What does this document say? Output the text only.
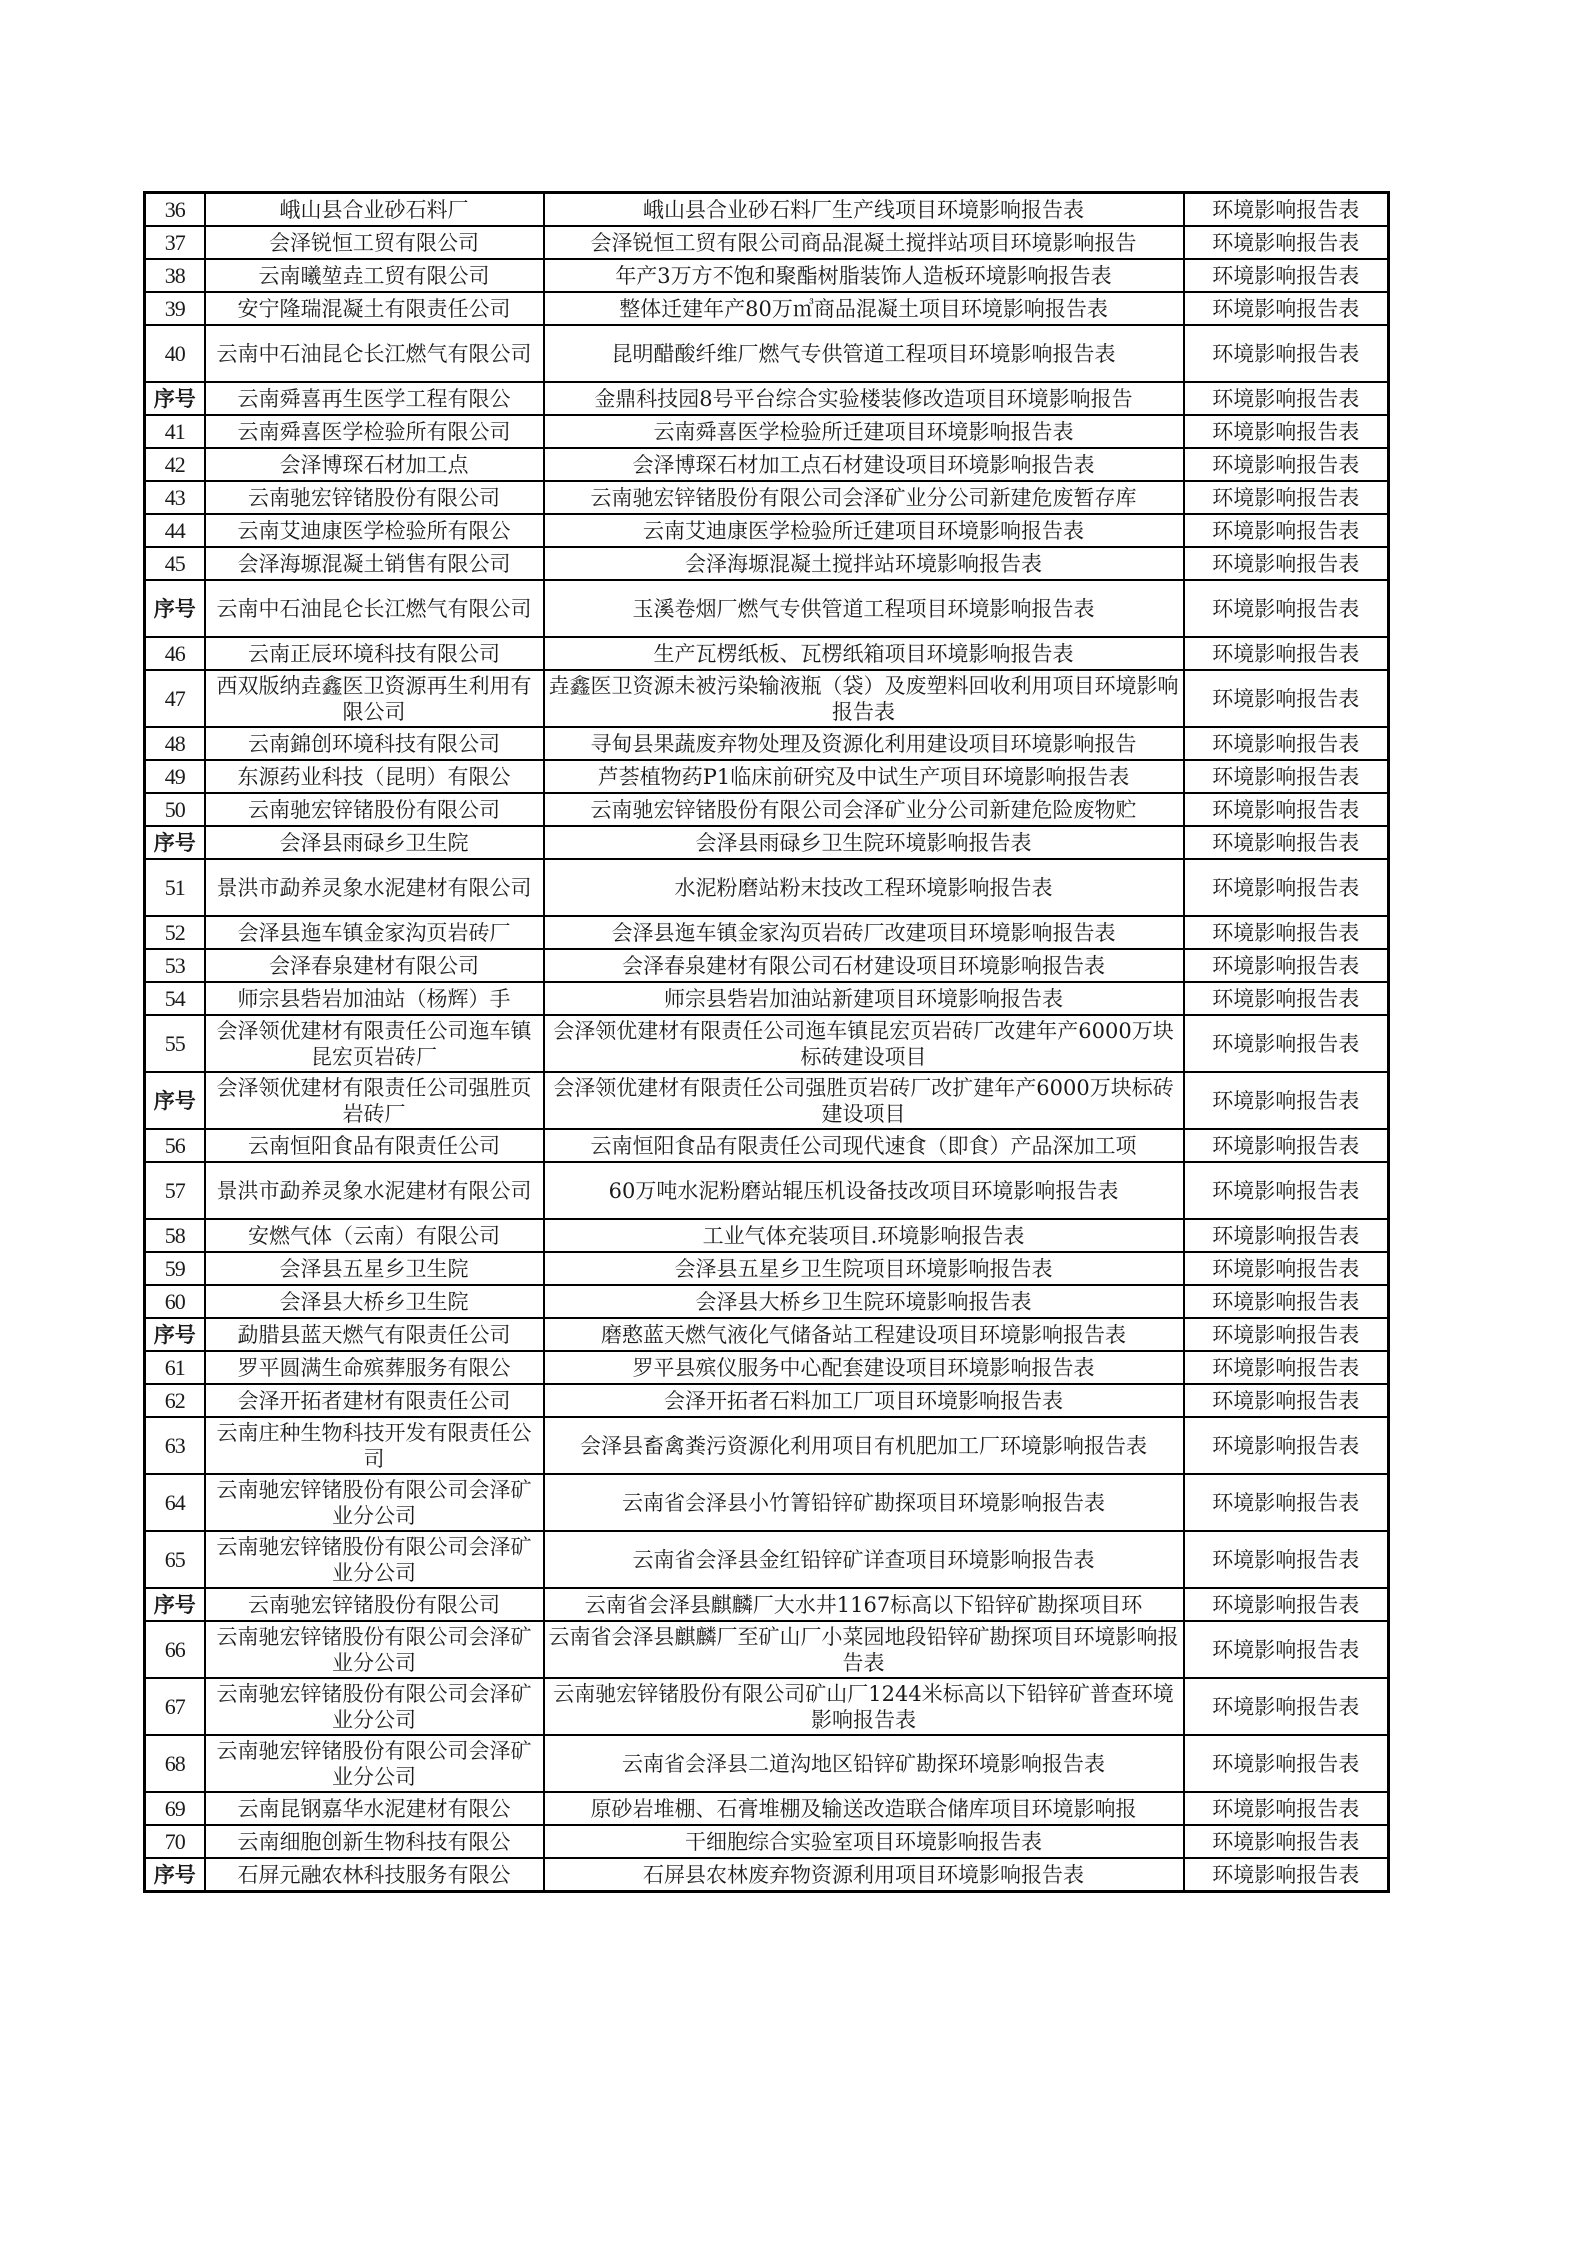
36	峨山县合业砂石料厂	峨山县合业砂石料厂生产线项目环境影响报告表	环境影响报告表
37	会泽锐恒工贸有限公司	会泽锐恒工贸有限公司商品混凝土搅拌站项目环境影响报告	环境影响报告表
38	云南曦堃垚工贸有限公司	年产3万方不饱和聚酯树脂装饰人造板环境影响报告表	环境影响报告表
39	安宁隆瑞混凝土有限责任公司	整体迁建年产80万㎥商品混凝土项目环境影响报告表	环境影响报告表
40	云南中石油昆仑长江燃气有限公司	昆明醋酸纤维厂燃气专供管道工程项目环境影响报告表	环境影响报告表
序号	云南舜喜再生医学工程有限公	金鼎科技园8号平台综合实验楼装修改造项目环境影响报告	环境影响报告表
41	云南舜喜医学检验所有限公司	云南舜喜医学检验所迁建项目环境影响报告表	环境影响报告表
42	会泽博琛石材加工点	会泽博琛石材加工点石材建设项目环境影响报告表	环境影响报告表
43	云南驰宏锌锗股份有限公司	云南驰宏锌锗股份有限公司会泽矿业分公司新建危废暂存库	环境影响报告表
44	云南艾迪康医学检验所有限公	云南艾迪康医学检验所迁建项目环境影响报告表	环境影响报告表
45	会泽海塬混凝土销售有限公司	会泽海塬混凝土搅拌站环境影响报告表	环境影响报告表
序号	云南中石油昆仑长江燃气有限公司	玉溪卷烟厂燃气专供管道工程项目环境影响报告表	环境影响报告表
46	云南正辰环境科技有限公司	生产瓦楞纸板、瓦楞纸箱项目环境影响报告表	环境影响报告表
47	西双版纳垚鑫医卫资源再生利用有限公司	垚鑫医卫资源未被污染输液瓶（袋）及废塑料回收利用项目环境影响报告表	环境影响报告表
48	云南錦创环境科技有限公司	寻甸县果蔬废弃物处理及资源化利用建设项目环境影响报告	环境影响报告表
49	东源药业科技（昆明）有限公	芦荟植物药P1临床前研究及中试生产项目环境影响报告表	环境影响报告表
50	云南驰宏锌锗股份有限公司	云南驰宏锌锗股份有限公司会泽矿业分公司新建危险废物贮	环境影响报告表
序号	会泽县雨碌乡卫生院	会泽县雨碌乡卫生院环境影响报告表	环境影响报告表
51	景洪市勐养灵象水泥建材有限公司	水泥粉磨站粉末技改工程环境影响报告表	环境影响报告表
52	会泽县迤车镇金家沟页岩砖厂	会泽县迤车镇金家沟页岩砖厂改建项目环境影响报告表	环境影响报告表
53	会泽春泉建材有限公司	会泽春泉建材有限公司石材建设项目环境影响报告表	环境影响报告表
54	师宗县砦岩加油站（杨辉）手	师宗县砦岩加油站新建项目环境影响报告表	环境影响报告表
55	会泽领优建材有限责任公司迤车镇昆宏页岩砖厂	会泽领优建材有限责任公司迤车镇昆宏页岩砖厂改建年产6000万块标砖建设项目	环境影响报告表
序号	会泽领优建材有限责任公司强胜页岩砖厂	会泽领优建材有限责任公司强胜页岩砖厂改扩建年产6000万块标砖建设项目	环境影响报告表
56	云南恒阳食品有限责任公司	云南恒阳食品有限责任公司现代速食（即食）产品深加工项	环境影响报告表
57	景洪市勐养灵象水泥建材有限公司	60万吨水泥粉磨站辊压机设备技改项目环境影响报告表	环境影响报告表
58	安燃气体（云南）有限公司	工业气体充装项目.环境影响报告表	环境影响报告表
59	会泽县五星乡卫生院	会泽县五星乡卫生院项目环境影响报告表	环境影响报告表
60	会泽县大桥乡卫生院	会泽县大桥乡卫生院环境影响报告表	环境影响报告表
序号	勐腊县蓝天燃气有限责任公司	磨憨蓝天燃气液化气储备站工程建设项目环境影响报告表	环境影响报告表
61	罗平圆满生命殡葬服务有限公	罗平县殡仪服务中心配套建设项目环境影响报告表	环境影响报告表
62	会泽开拓者建材有限责任公司	会泽开拓者石料加工厂项目环境影响报告表	环境影响报告表
63	云南庄种生物科技开发有限责任公司	会泽县畜禽粪污资源化利用项目有机肥加工厂环境影响报告表	环境影响报告表
64	云南驰宏锌锗股份有限公司会泽矿业分公司	云南省会泽县小竹箐铅锌矿勘探项目环境影响报告表	环境影响报告表
65	云南驰宏锌锗股份有限公司会泽矿业分公司	云南省会泽县金红铅锌矿详查项目环境影响报告表	环境影响报告表
序号	云南驰宏锌锗股份有限公司	云南省会泽县麒麟厂大水井1167标高以下铅锌矿勘探项目环	环境影响报告表
66	云南驰宏锌锗股份有限公司会泽矿业分公司	云南省会泽县麒麟厂至矿山厂小菜园地段铅锌矿勘探项目环境影响报告表	环境影响报告表
67	云南驰宏锌锗股份有限公司会泽矿业分公司	云南驰宏锌锗股份有限公司矿山厂1244米标高以下铅锌矿普查环境影响报告表	环境影响报告表
68	云南驰宏锌锗股份有限公司会泽矿业分公司	云南省会泽县二道沟地区铅锌矿勘探环境影响报告表	环境影响报告表
69	云南昆钢嘉华水泥建材有限公	原砂岩堆棚、石膏堆棚及输送改造联合储库项目环境影响报	环境影响报告表
70	云南细胞创新生物科技有限公	干细胞综合实验室项目环境影响报告表	环境影响报告表
序号	石屏元融农林科技服务有限公	石屏县农林废弃物资源利用项目环境影响报告表	环境影响报告表
